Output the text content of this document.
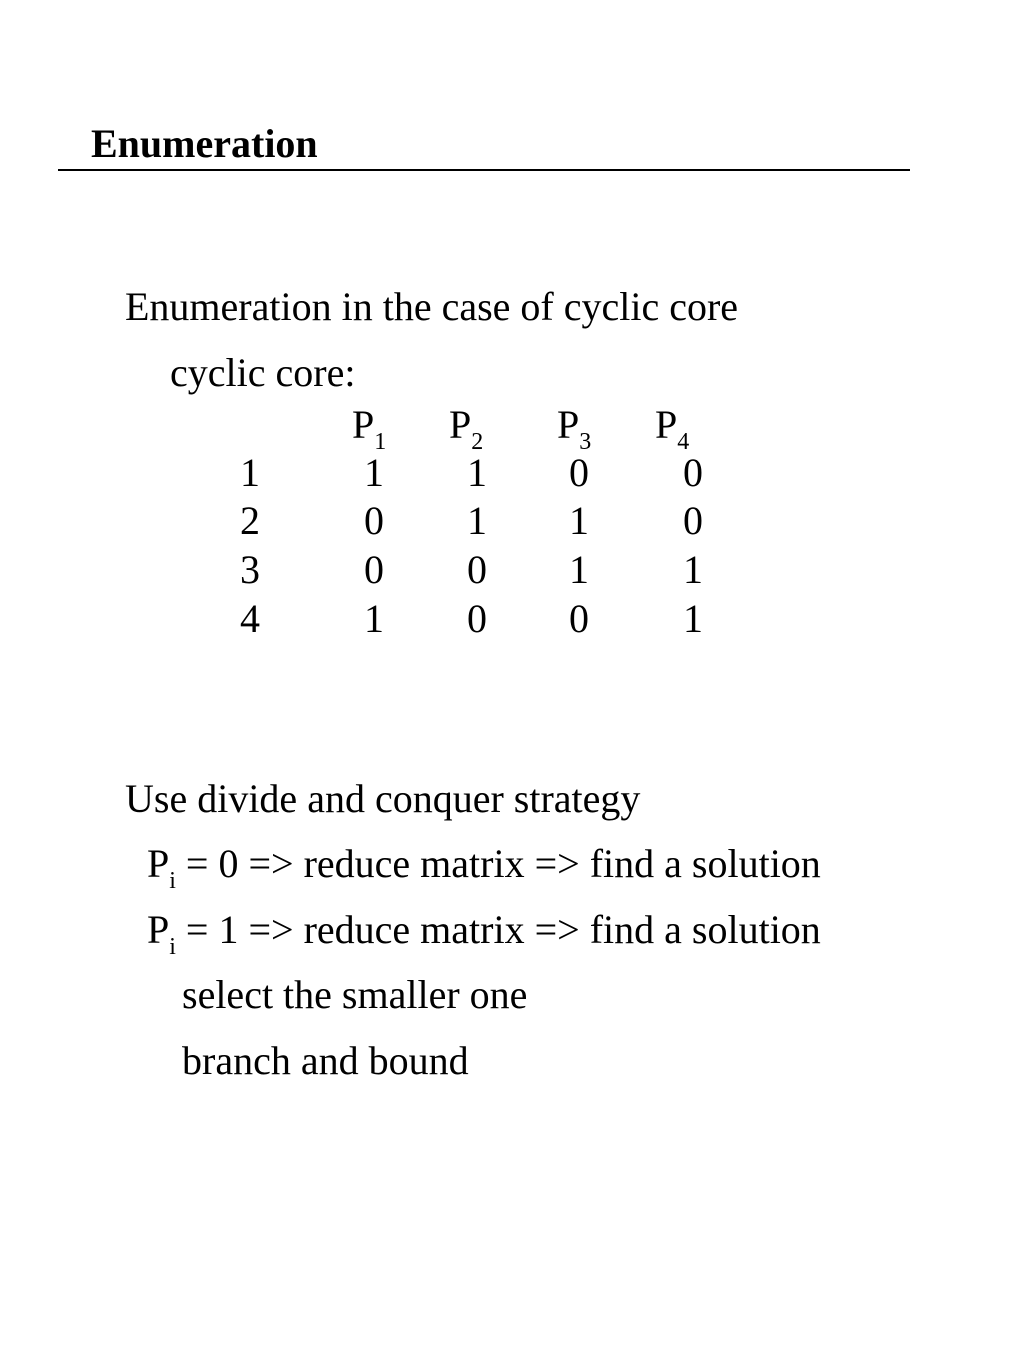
Enumeration
Enumeration in the case of cyclic core
cyclic core:
$P_1$	$P_2$	$P_3$	$P_4$
1	1 1 0 0
2	0 1 1 0
3	0 0 1 1
4	1 0 0 1
Use divide and conquer strategy
$P_i = 0$ => reduce matrix => find a solution
$P_i = 1$ => reduce matrix => find a solution
select the smaller one
branch and bound
